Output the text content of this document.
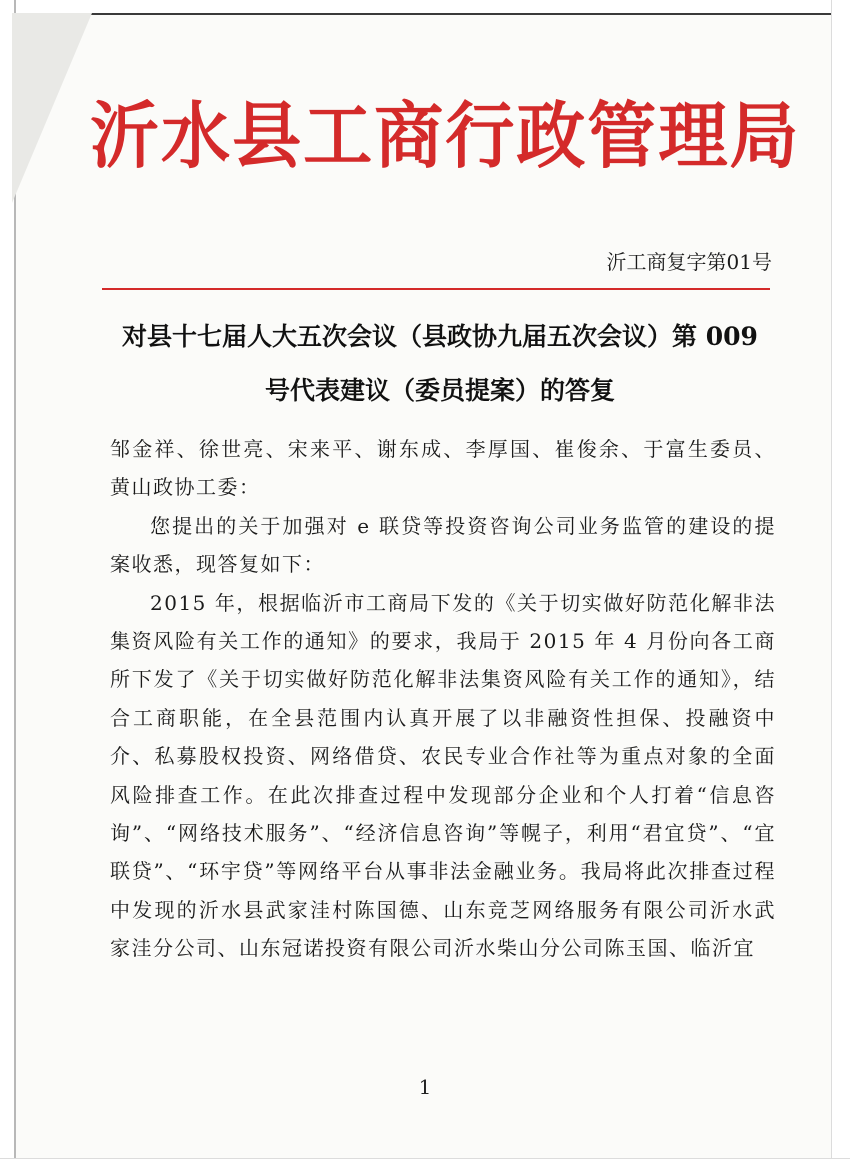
沂水县工商行政管理局
沂工商复字第01号
对县十七届人大五次会议（县政协九届五次会议）第 009
号代表建议（委员提案）的答复

邹金祥、徐世亮、宋来平、谢东成、李厚国、崔俊余、于富生委员、黄山政协工委：

您提出的关于加强对 e 联贷等投资咨询公司业务监管的建设的提案收悉，现答复如下：

2015 年，根据临沂市工商局下发的《关于切实做好防范化解非法集资风险有关工作的通知》的要求，我局于 2015 年 4 月份向各工商所下发了《关于切实做好防范化解非法集资风险有关工作的通知》，结合工商职能，在全县范围内认真开展了以非融资性担保、投融资中介、私募股权投资、网络借贷、农民专业合作社等为重点对象的全面风险排查工作。在此次排查过程中发现部分企业和个人打着“信息咨询”、“网络技术服务”、“经济信息咨询”等幌子，利用“君宜贷”、“宜联贷”、“环宇贷”等网络平台从事非法金融业务。我局将此次排查过程中发现的沂水县武家洼村陈国德、山东竞芝网络服务有限公司沂水武家洼分公司、山东冠诺投资有限公司沂水柴山分公司陈玉国、临沂宜

1
